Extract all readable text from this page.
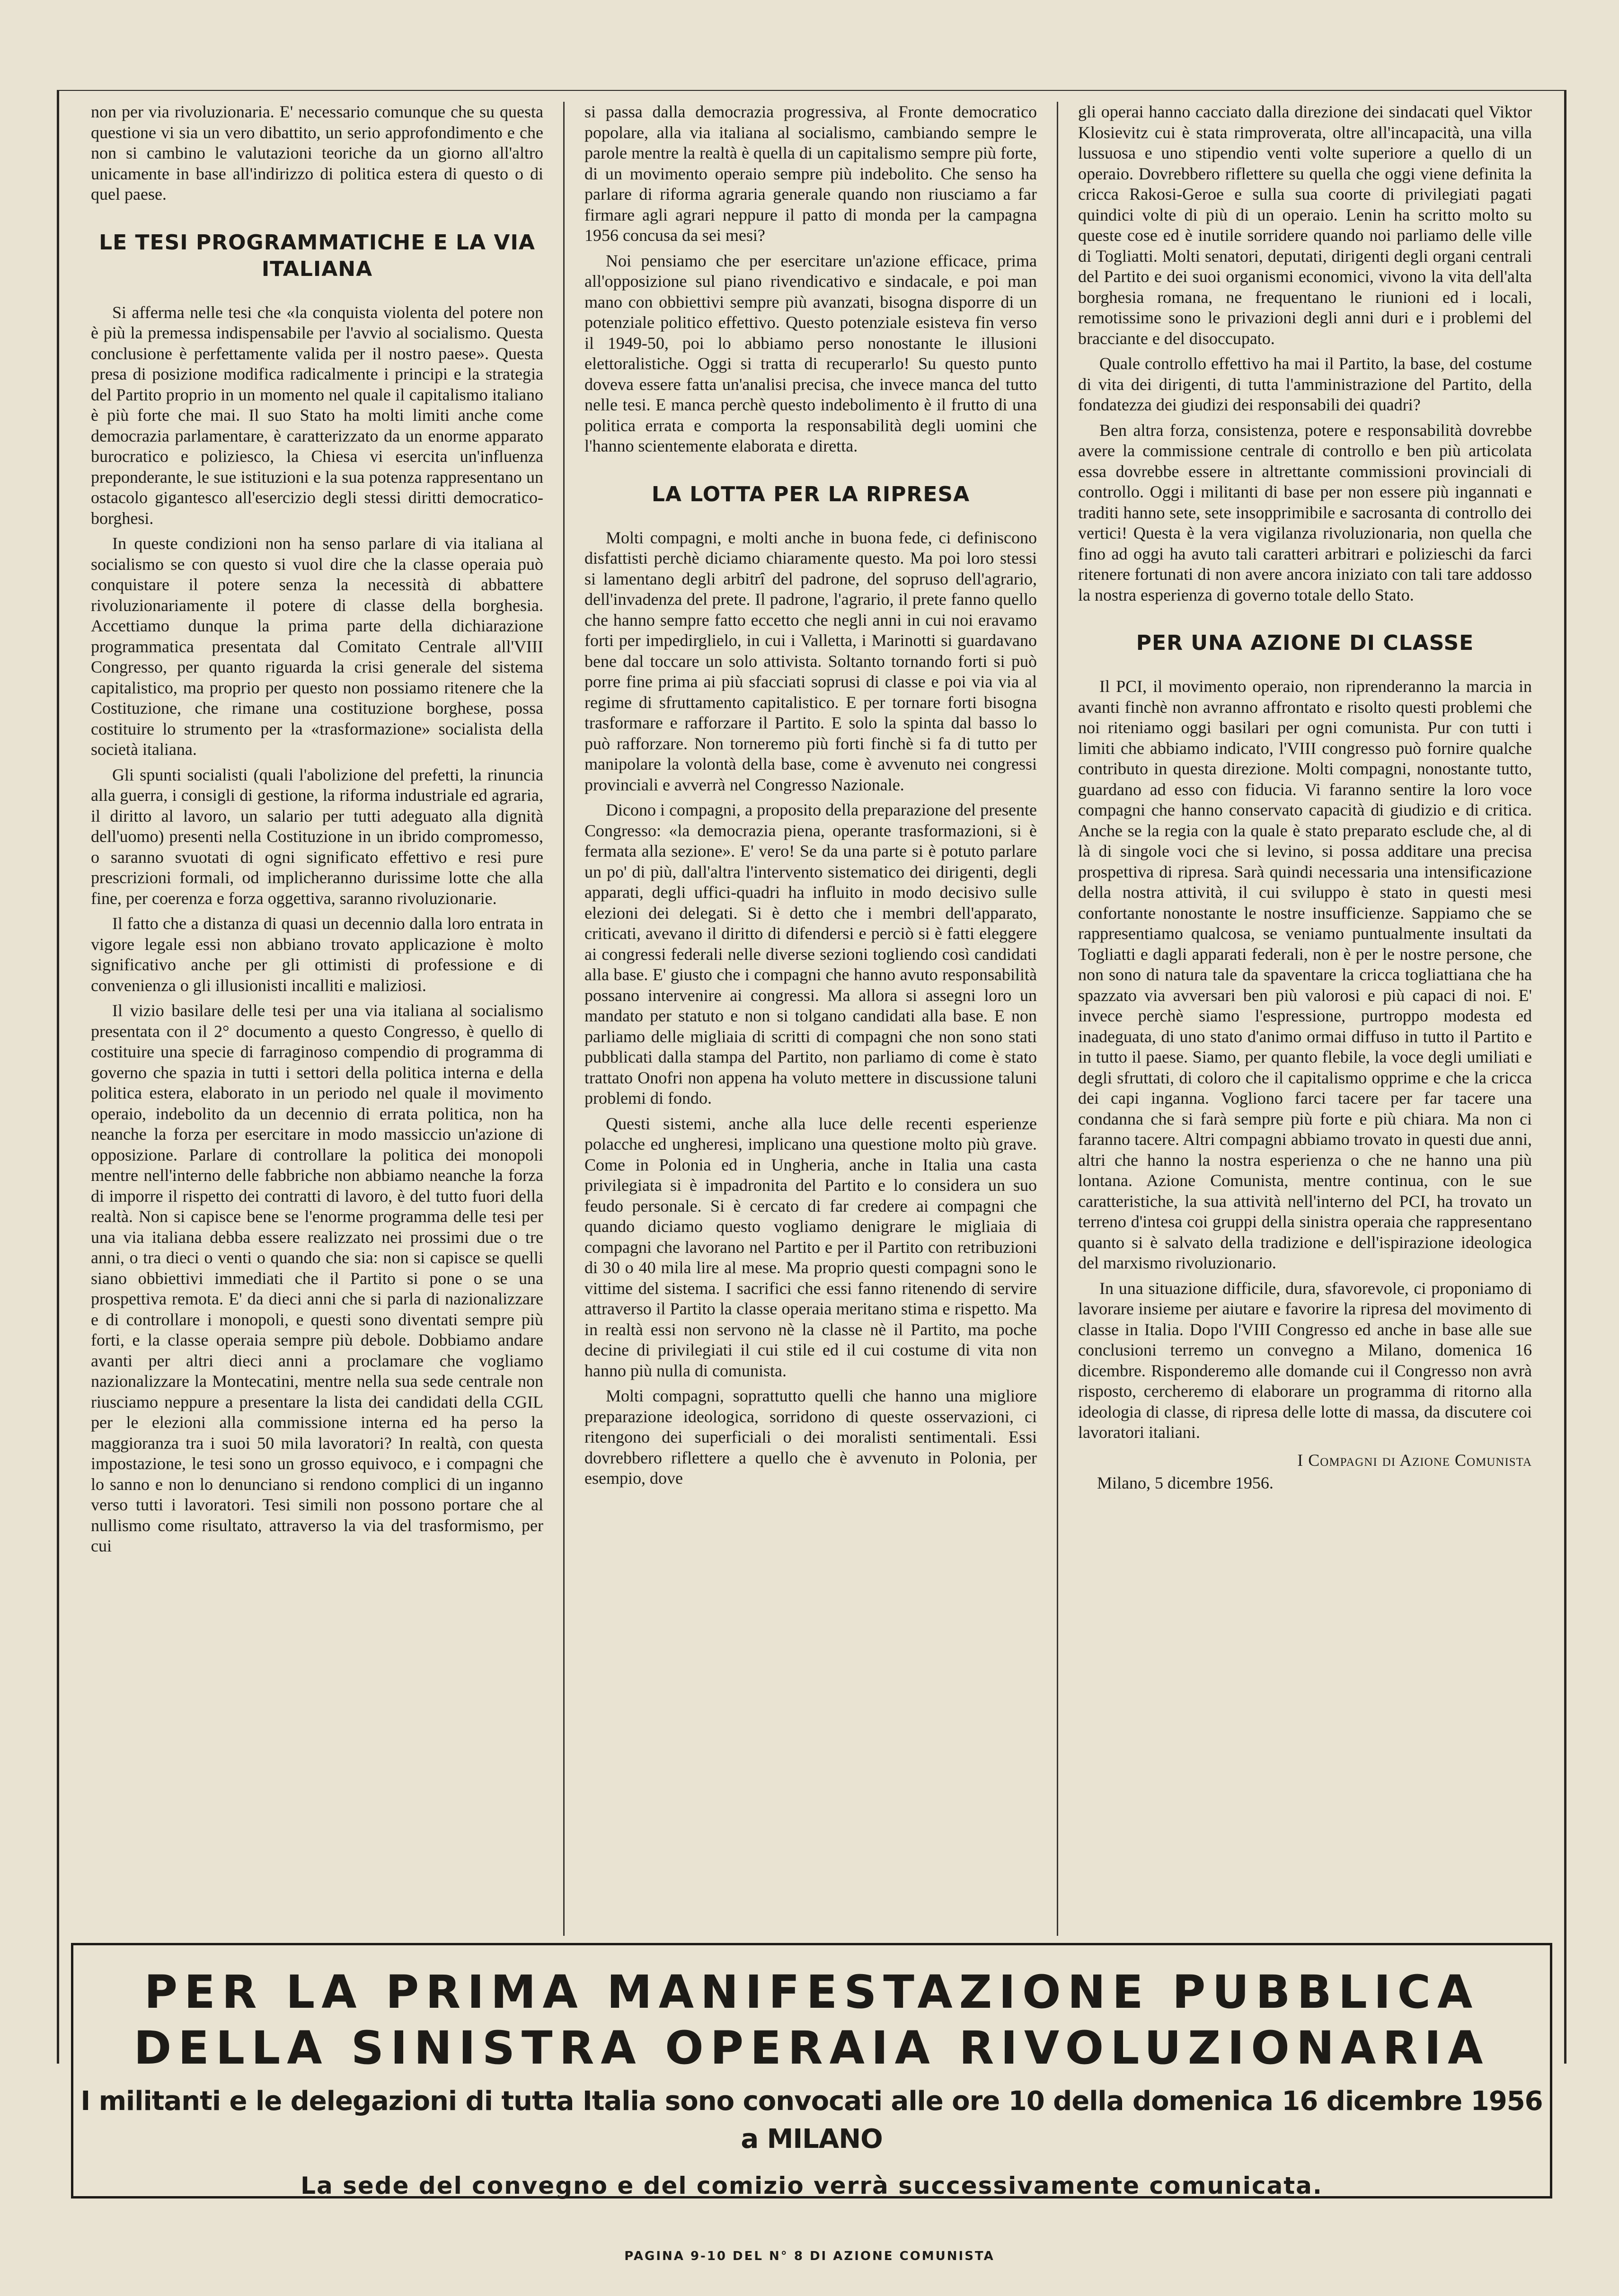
non per via rivoluzionaria. E' necessario comunque che su questa questione vi sia un vero dibattito, un serio approfondimento e che non si cambino le valutazioni teoriche da un giorno all'altro unicamente in base all'indirizzo di politica estera di questo o di quel paese.

LE TESI PROGRAMMATICHE E LA VIA ITALIANA

Si afferma nelle tesi che «la conquista violenta del potere non è più la premessa indispensabile per l'avvio al socialismo. Questa conclusione è perfettamente valida per il nostro paese». Questa presa di posizione modifica radicalmente i principi e la strategia del Partito proprio in un momento nel quale il capitalismo italiano è più forte che mai. Il suo Stato ha molti limiti anche come democrazia parlamentare, è caratterizzato da un enorme apparato burocratico e poliziesco, la Chiesa vi esercita un'influenza preponderante, le sue istituzioni e la sua potenza rappresentano un ostacolo gigantesco all'esercizio degli stessi diritti democratico-borghesi.

In queste condizioni non ha senso parlare di via italiana al socialismo se con questo si vuol dire che la classe operaia può conquistare il potere senza la necessità di abbattere rivoluzionariamente il potere di classe della borghesia. Accettiamo dunque la prima parte della dichiarazione programmatica presentata dal Comitato Centrale all'VIII Congresso, per quanto riguarda la crisi generale del sistema capitalistico, ma proprio per questo non possiamo ritenere che la Costituzione, che rimane una costituzione borghese, possa costituire lo strumento per la «trasformazione» socialista della società italiana.

Gli spunti socialisti (quali l'abolizione del prefetti, la rinuncia alla guerra, i consigli di gestione, la riforma industriale ed agraria, il diritto al lavoro, un salario per tutti adeguato alla dignità dell'uomo) presenti nella Costituzione in un ibrido compromesso, o saranno svuotati di ogni significato effettivo e resi pure prescrizioni formali, od implicheranno durissime lotte che alla fine, per coerenza e forza oggettiva, saranno rivoluzionarie.

Il fatto che a distanza di quasi un decennio dalla loro entrata in vigore legale essi non abbiano trovato applicazione è molto significativo anche per gli ottimisti di professione e di convenienza o gli illusionisti incalliti e maliziosi.

Il vizio basilare delle tesi per una via italiana al socialismo presentata con il 2° documento a questo Congresso, è quello di costituire una specie di farraginoso compendio di programma di governo che spazia in tutti i settori della politica interna e della politica estera, elaborato in un periodo nel quale il movimento operaio, indebolito da un decennio di errata politica, non ha neanche la forza per esercitare in modo massiccio un'azione di opposizione. Parlare di controllare la politica dei monopoli mentre nell'interno delle fabbriche non abbiamo neanche la forza di imporre il rispetto dei contratti di lavoro, è del tutto fuori della realtà. Non si capisce bene se l'enorme programma delle tesi per una via italiana debba essere realizzato nei prossimi due o tre anni, o tra dieci o venti o quando che sia: non si capisce se quelli siano obbiettivi immediati che il Partito si pone o se una prospettiva remota. E' da dieci anni che si parla di nazionalizzare e di controllare i monopoli, e questi sono diventati sempre più forti, e la classe operaia sempre più debole. Dobbiamo andare avanti per altri dieci anni a proclamare che vogliamo nazionalizzare la Montecatini, mentre nella sua sede centrale non riusciamo neppure a presentare la lista dei candidati della CGIL per le elezioni alla commissione interna ed ha perso la maggioranza tra i suoi 50 mila lavoratori? In realtà, con questa impostazione, le tesi sono un grosso equivoco, e i compagni che lo sanno e non lo denunciano si rendono complici di un inganno verso tutti i lavoratori. Tesi simili non possono portare che al nullismo come risultato, attraverso la via del trasformismo, per cui

si passa dalla democrazia progressiva, al Fronte democratico popolare, alla via italiana al socialismo, cambiando sempre le parole mentre la realtà è quella di un capitalismo sempre più forte, di un movimento operaio sempre più indebolito. Che senso ha parlare di riforma agraria generale quando non riusciamo a far firmare agli agrari neppure il patto di monda per la campagna 1956 concusa da sei mesi?

Noi pensiamo che per esercitare un'azione efficace, prima all'opposizione sul piano rivendicativo e sindacale, e poi man mano con obbiettivi sempre più avanzati, bisogna disporre di un potenziale politico effettivo. Questo potenziale esisteva fin verso il 1949-50, poi lo abbiamo perso nonostante le illusioni elettoralistiche. Oggi si tratta di recuperarlo! Su questo punto doveva essere fatta un'analisi precisa, che invece manca del tutto nelle tesi. E manca perchè questo indebolimento è il frutto di una politica errata e comporta la responsabilità degli uomini che l'hanno scientemente elaborata e diretta.

LA LOTTA PER LA RIPRESA

Molti compagni, e molti anche in buona fede, ci definiscono disfattisti perchè diciamo chiaramente questo. Ma poi loro stessi si lamentano degli arbitrî del padrone, del sopruso dell'agrario, dell'invadenza del prete. Il padrone, l'agrario, il prete fanno quello che hanno sempre fatto eccetto che negli anni in cui noi eravamo forti per impedirglielo, in cui i Valletta, i Marinotti si guardavano bene dal toccare un solo attivista. Soltanto tornando forti si può porre fine prima ai più sfacciati soprusi di classe e poi via via al regime di sfruttamento capitalistico. E per tornare forti bisogna trasformare e rafforzare il Partito. E solo la spinta dal basso lo può rafforzare. Non torneremo più forti finchè si fa di tutto per manipolare la volontà della base, come è avvenuto nei congressi provinciali e avverrà nel Congresso Nazionale.

Dicono i compagni, a proposito della preparazione del presente Congresso: «la democrazia piena, operante trasformazioni, si è fermata alla sezione». E' vero! Se da una parte si è potuto parlare un po' di più, dall'altra l'intervento sistematico dei dirigenti, degli apparati, degli uffici-quadri ha influito in modo decisivo sulle elezioni dei delegati. Si è detto che i membri dell'apparato, criticati, avevano il diritto di difendersi e perciò si è fatti eleggere ai congressi federali nelle diverse sezioni togliendo così candidati alla base. E' giusto che i compagni che hanno avuto responsabilità possano intervenire ai congressi. Ma allora si assegni loro un mandato per statuto e non si tolgano candidati alla base. E non parliamo delle migliaia di scritti di compagni che non sono stati pubblicati dalla stampa del Partito, non parliamo di come è stato trattato Onofri non appena ha voluto mettere in discussione taluni problemi di fondo.

Questi sistemi, anche alla luce delle recenti esperienze polacche ed ungheresi, implicano una questione molto più grave. Come in Polonia ed in Ungheria, anche in Italia una casta privilegiata si è impadronita del Partito e lo considera un suo feudo personale. Si è cercato di far credere ai compagni che quando diciamo questo vogliamo denigrare le migliaia di compagni che lavorano nel Partito e per il Partito con retribuzioni di 30 o 40 mila lire al mese. Ma proprio questi compagni sono le vittime del sistema. I sacrifici che essi fanno ritenendo di servire attraverso il Partito la classe operaia meritano stima e rispetto. Ma in realtà essi non servono nè la classe nè il Partito, ma poche decine di privilegiati il cui stile ed il cui costume di vita non hanno più nulla di comunista.

Molti compagni, soprattutto quelli che hanno una migliore preparazione ideologica, sorridono di queste osservazioni, ci ritengono dei superficiali o dei moralisti sentimentali. Essi dovrebbero riflettere a quello che è avvenuto in Polonia, per esempio, dove

gli operai hanno cacciato dalla direzione dei sindacati quel Viktor Klosievitz cui è stata rimproverata, oltre all'incapacità, una villa lussuosa e uno stipendio venti volte superiore a quello di un operaio. Dovrebbero riflettere su quella che oggi viene definita la cricca Rakosi-Geroe e sulla sua coorte di privilegiati pagati quindici volte di più di un operaio. Lenin ha scritto molto su queste cose ed è inutile sorridere quando noi parliamo delle ville di Togliatti. Molti senatori, deputati, dirigenti degli organi centrali del Partito e dei suoi organismi economici, vivono la vita dell'alta borghesia romana, ne frequentano le riunioni ed i locali, remotissime sono le privazioni degli anni duri e i problemi del bracciante e del disoccupato.

Quale controllo effettivo ha mai il Partito, la base, del costume di vita dei dirigenti, di tutta l'amministrazione del Partito, della fondatezza dei giudizi dei responsabili dei quadri?

Ben altra forza, consistenza, potere e responsabilità dovrebbe avere la commissione centrale di controllo e ben più articolata essa dovrebbe essere in altrettante commissioni provinciali di controllo. Oggi i militanti di base per non essere più ingannati e traditi hanno sete, sete insopprimibile e sacrosanta di controllo dei vertici! Questa è la vera vigilanza rivoluzionaria, non quella che fino ad oggi ha avuto tali caratteri arbitrari e polizieschi da farci ritenere fortunati di non avere ancora iniziato con tali tare addosso la nostra esperienza di governo totale dello Stato.

PER UNA AZIONE DI CLASSE

Il PCI, il movimento operaio, non riprenderanno la marcia in avanti finchè non avranno affrontato e risolto questi problemi che noi riteniamo oggi basilari per ogni comunista. Pur con tutti i limiti che abbiamo indicato, l'VIII congresso può fornire qualche contributo in questa direzione. Molti compagni, nonostante tutto, guardano ad esso con fiducia. Vi faranno sentire la loro voce compagni che hanno conservato capacità di giudizio e di critica. Anche se la regia con la quale è stato preparato esclude che, al di là di singole voci che si levino, si possa additare una precisa prospettiva di ripresa. Sarà quindi necessaria una intensificazione della nostra attività, il cui sviluppo è stato in questi mesi confortante nonostante le nostre insufficienze. Sappiamo che se rappresentiamo qualcosa, se veniamo puntualmente insultati da Togliatti e dagli apparati federali, non è per le nostre persone, che non sono di natura tale da spaventare la cricca togliattiana che ha spazzato via avversari ben più valorosi e più capaci di noi. E' invece perchè siamo l'espressione, purtroppo modesta ed inadeguata, di uno stato d'animo ormai diffuso in tutto il Partito e in tutto il paese. Siamo, per quanto flebile, la voce degli umiliati e degli sfruttati, di coloro che il capitalismo opprime e che la cricca dei capi inganna. Vogliono farci tacere per far tacere una condanna che si farà sempre più forte e più chiara. Ma non ci faranno tacere. Altri compagni abbiamo trovato in questi due anni, altri che hanno la nostra esperienza o che ne hanno una più lontana. Azione Comunista, mentre continua, con le sue caratteristiche, la sua attività nell'interno del PCI, ha trovato un terreno d'intesa coi gruppi della sinistra operaia che rappresentano quanto si è salvato della tradizione e dell'ispirazione ideologica del marxismo rivoluzionario.

In una situazione difficile, dura, sfavorevole, ci proponiamo di lavorare insieme per aiutare e favorire la ripresa del movimento di classe in Italia. Dopo l'VIII Congresso ed anche in base alle sue conclusioni terremo un convegno a Milano, domenica 16 dicembre. Risponderemo alle domande cui il Congresso non avrà risposto, cercheremo di elaborare un programma di ritorno alla ideologia di classe, di ripresa delle lotte di massa, da discutere coi lavoratori italiani.

I Compagni di Azione Comunista
Milano, 5 dicembre 1956.
PER LA PRIMA MANIFESTAZIONE PUBBLICA
DELLA SINISTRA OPERAIA RIVOLUZIONARIA
I militanti e le delegazioni di tutta Italia sono convocati alle ore 10 della domenica 16 dicembre 1956 a MILANO
La sede del convegno e del comizio verrà successivamente comunicata.
PAGINA 9-10 DEL N° 8 DI AZIONE COMUNISTA
